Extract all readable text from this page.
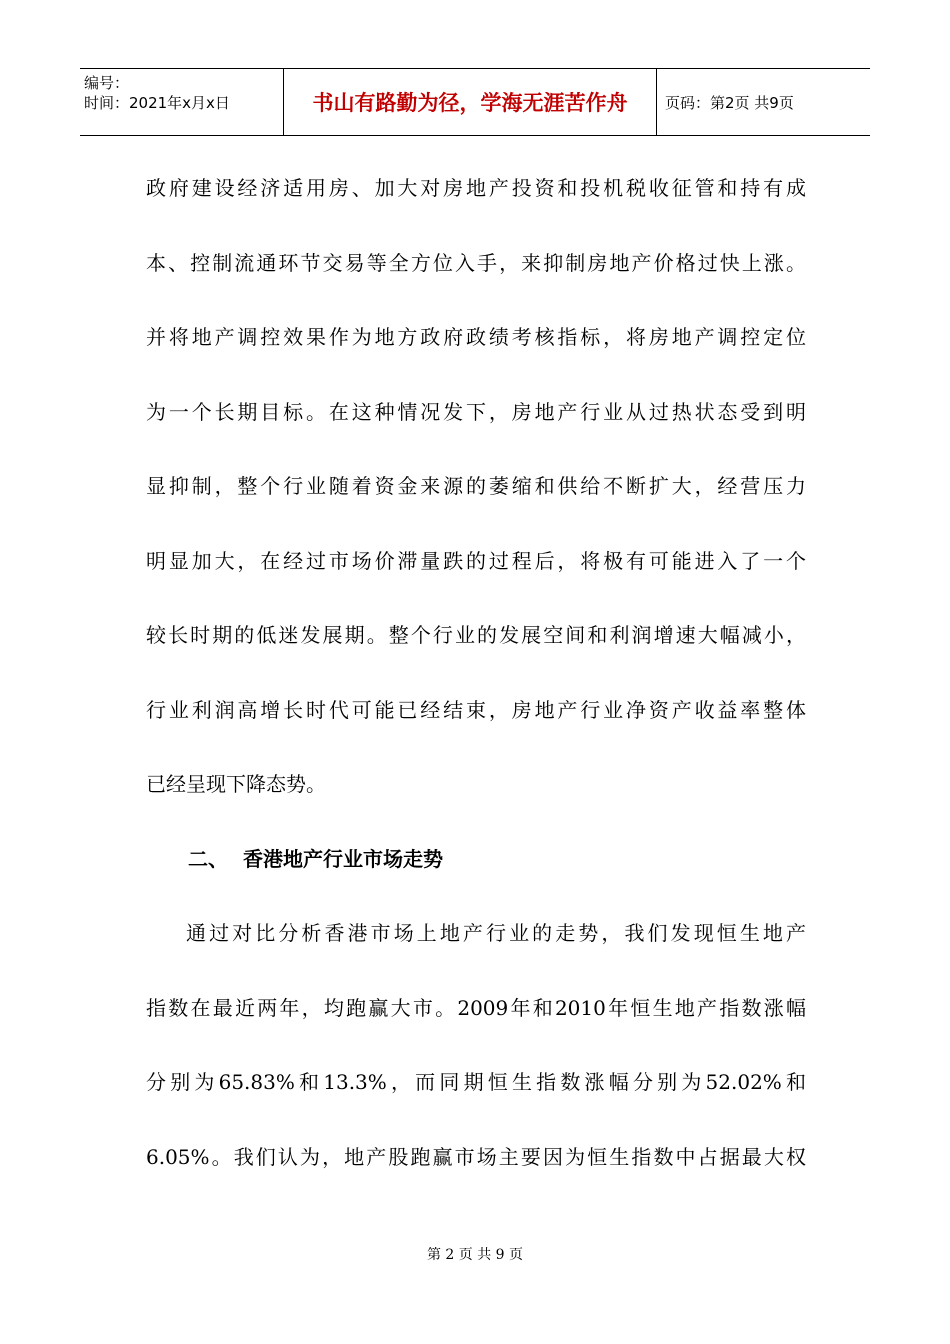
编号：
时间：2021年x月x日	书山有路勤为径，学海无涯苦作舟	页码：第2页 共9页
政府建设经济适用房、加大对房地产投资和投机税收征管和持有成
本、控制流通环节交易等全方位入手，来抑制房地产价格过快上涨。
并将地产调控效果作为地方政府政绩考核指标，将房地产调控定位
为一个长期目标。在这种情况发下，房地产行业从过热状态受到明
显抑制，整个行业随着资金来源的萎缩和供给不断扩大，经营压力
明显加大，在经过市场价滞量跌的过程后，将极有可能进入了一个
较长时期的低迷发展期。整个行业的发展空间和利润增速大幅减小，
行业利润高增长时代可能已经结束，房地产行业净资产收益率整体
已经呈现下降态势。
二、 香港地产行业市场走势
通过对比分析香港市场上地产行业的走势，我们发现恒生地产
指数在最近两年，均跑赢大市。2009年和2010年恒生地产指数涨幅
分别为65.83%和13.3%，而同期恒生指数涨幅分别为52.02%和
6.05%。我们认为，地产股跑赢市场主要因为恒生指数中占据最大权
第 2 页 共 9 页
